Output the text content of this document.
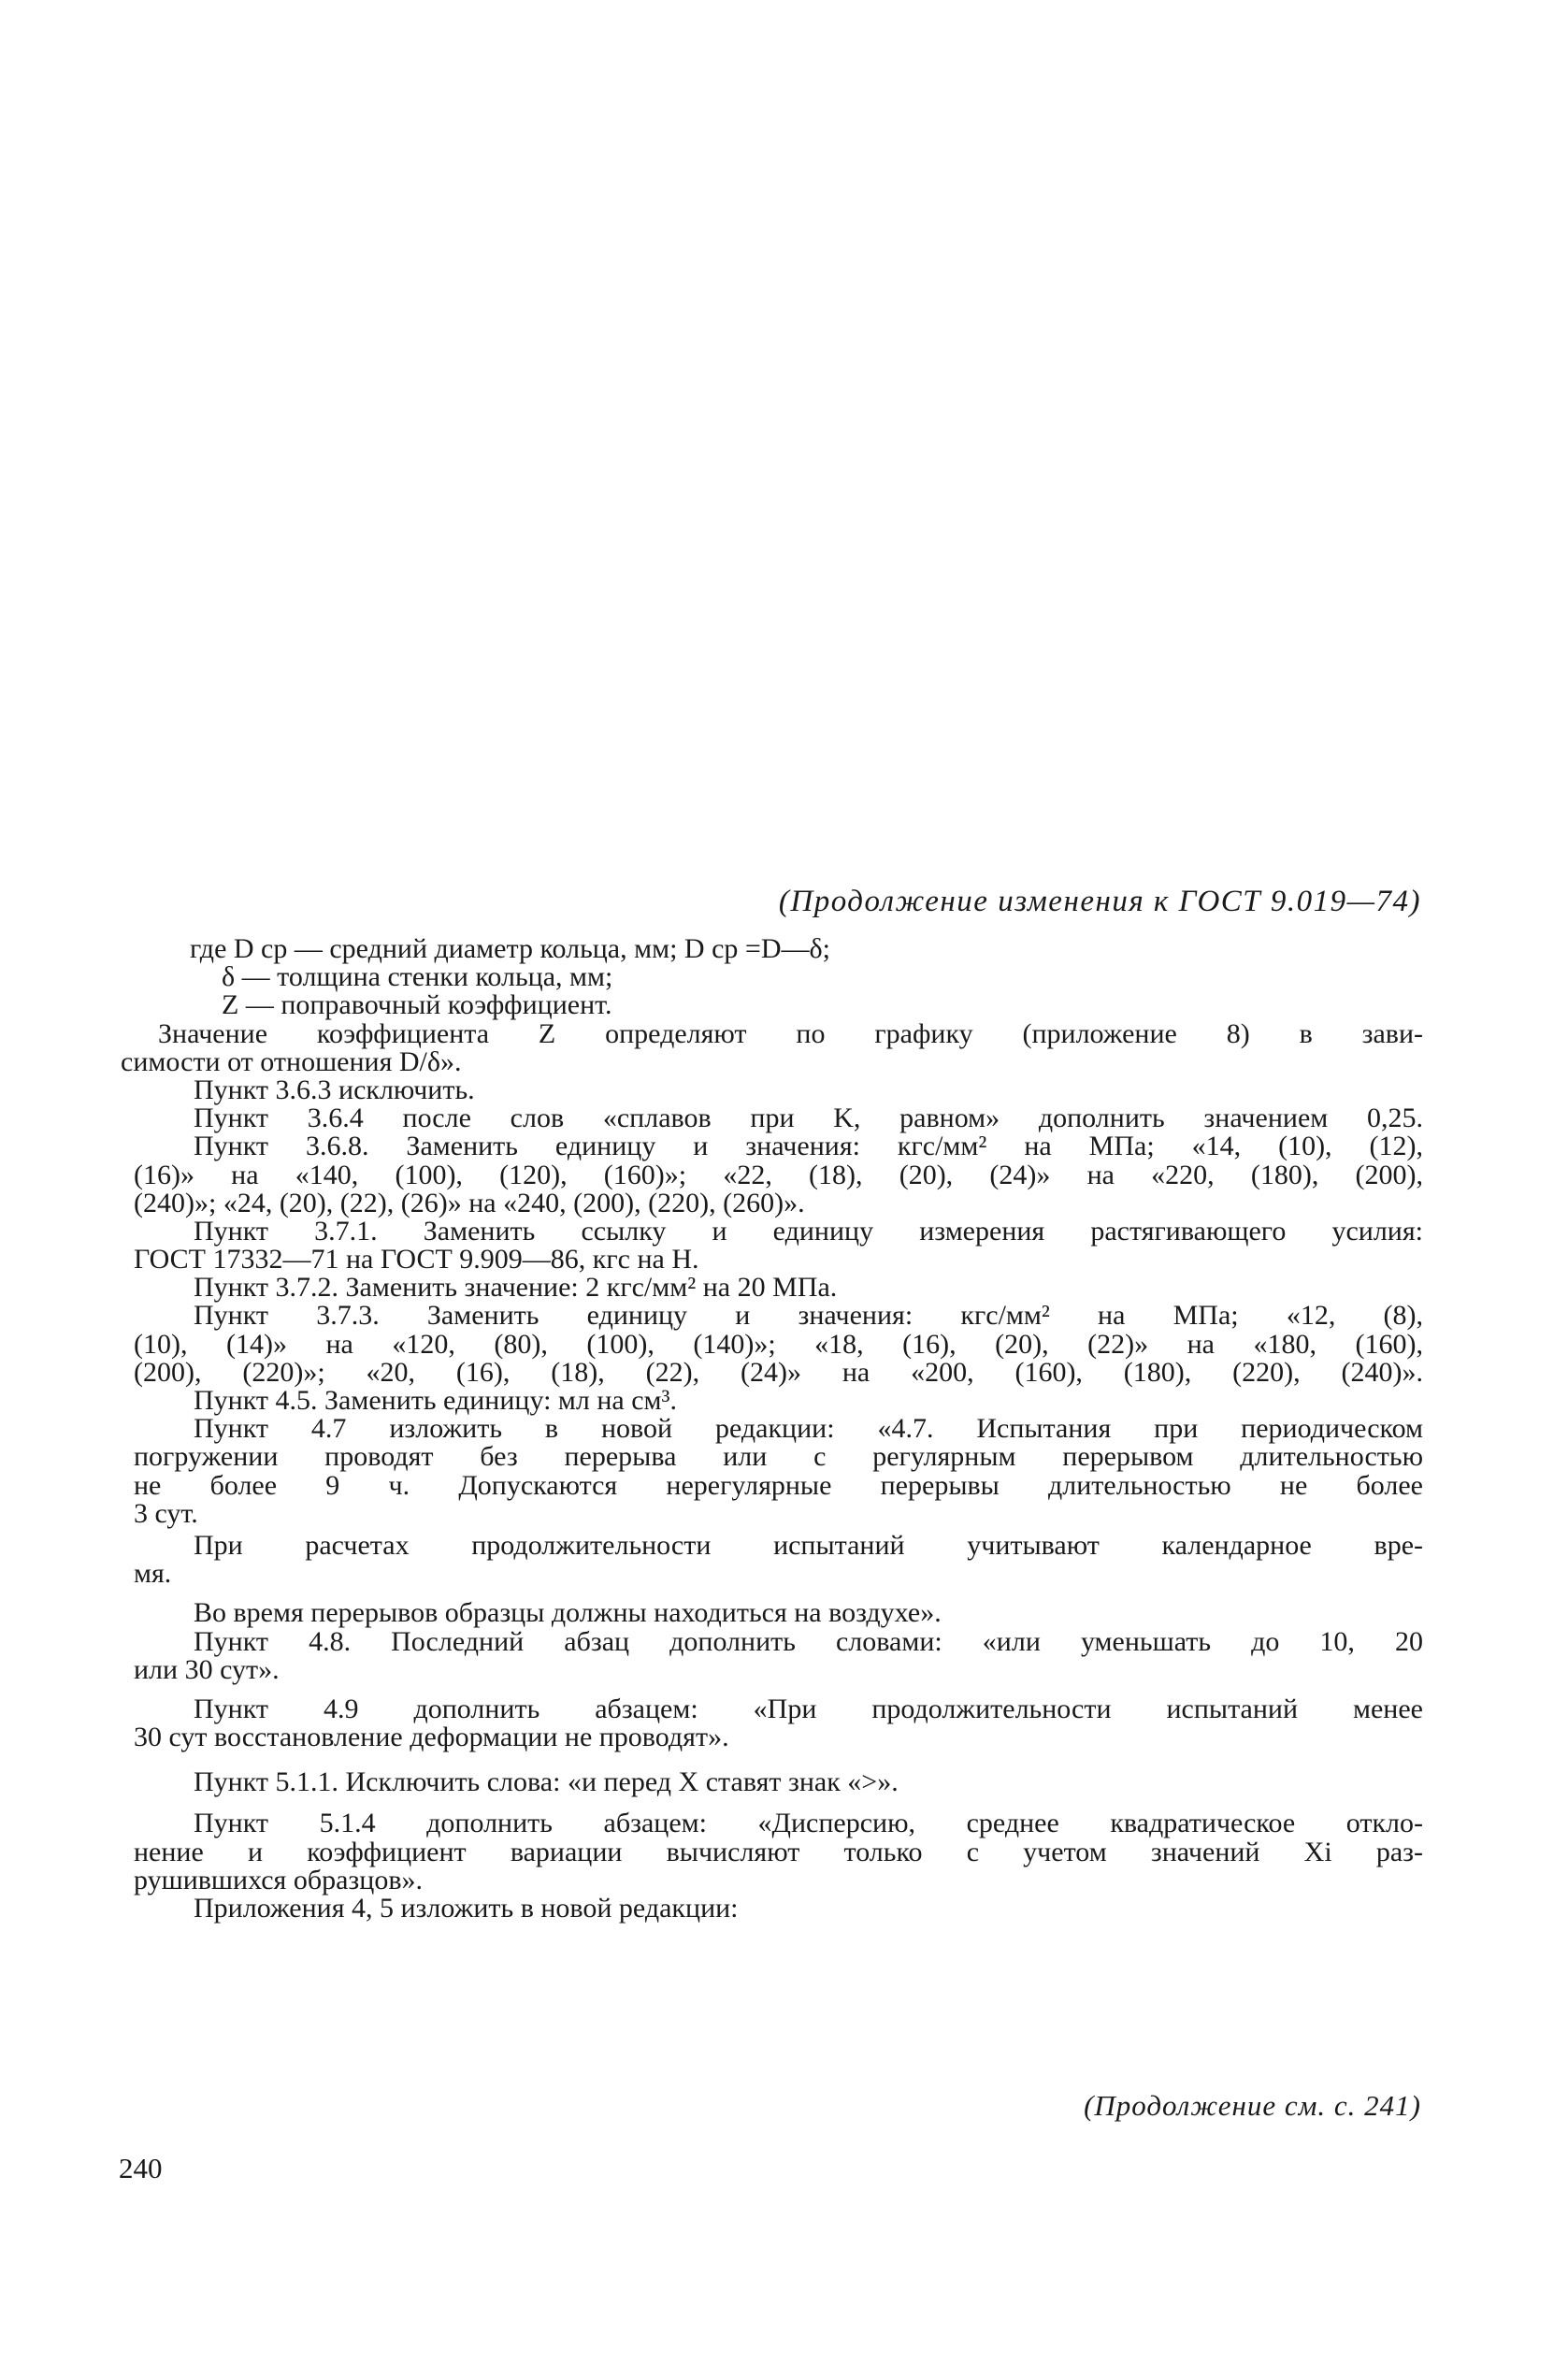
(Продолжение изменения к ГОСТ 9.019—74)
где D ср — средний диаметр кольца, мм; D ср =D—δ;
δ — толщина стенки кольца, мм;
Z — поправочный коэффициент.
Значение коэффициента Z определяют по графику (приложение 8) в зави-
симости от отношения D/δ».
Пункт 3.6.3 исключить.
Пункт 3.6.4 после слов «сплавов при K, равном» дополнить значением 0,25.
Пункт 3.6.8. Заменить единицу и значения: кгс/мм² на МПа; «14, (10), (12),
(16)» на «140, (100), (120), (160)»; «22, (18), (20), (24)» на «220, (180), (200),
(240)»; «24, (20), (22), (26)» на «240, (200), (220), (260)».
Пункт 3.7.1. Заменить ссылку и единицу измерения растягивающего усилия:
ГОСТ 17332—71 на ГОСТ 9.909—86, кгс на Н.
Пункт 3.7.2. Заменить значение: 2 кгс/мм² на 20 МПа.
Пункт 3.7.3. Заменить единицу и значения: кгс/мм² на МПа; «12, (8),
(10), (14)» на «120, (80), (100), (140)»; «18, (16), (20), (22)» на «180, (160),
(200), (220)»; «20, (16), (18), (22), (24)» на «200, (160), (180), (220), (240)».
Пункт 4.5. Заменить единицу: мл на см³.
Пункт 4.7 изложить в новой редакции: «4.7. Испытания при периодическом
погружении проводят без перерыва или с регулярным перерывом длительностью
не более 9 ч. Допускаются нерегулярные перерывы длительностью не более
3 сут.
При расчетах продолжительности испытаний учитывают календарное вре-
мя.
Во время перерывов образцы должны находиться на воздухе».
Пункт 4.8. Последний абзац дополнить словами: «или уменьшать до 10, 20
или 30 сут».
Пункт 4.9 дополнить абзацем: «При продолжительности испытаний менее
30 сут восстановление деформации не проводят».
Пункт 5.1.1. Исключить слова: «и перед X ставят знак «>».
Пункт 5.1.4 дополнить абзацем: «Дисперсию, среднее квадратическое откло-
нение и коэффициент вариации вычисляют только с учетом значений Xi раз-
рушившихся образцов».
Приложения 4, 5 изложить в новой редакции:
(Продолжение см. с. 241)
240
